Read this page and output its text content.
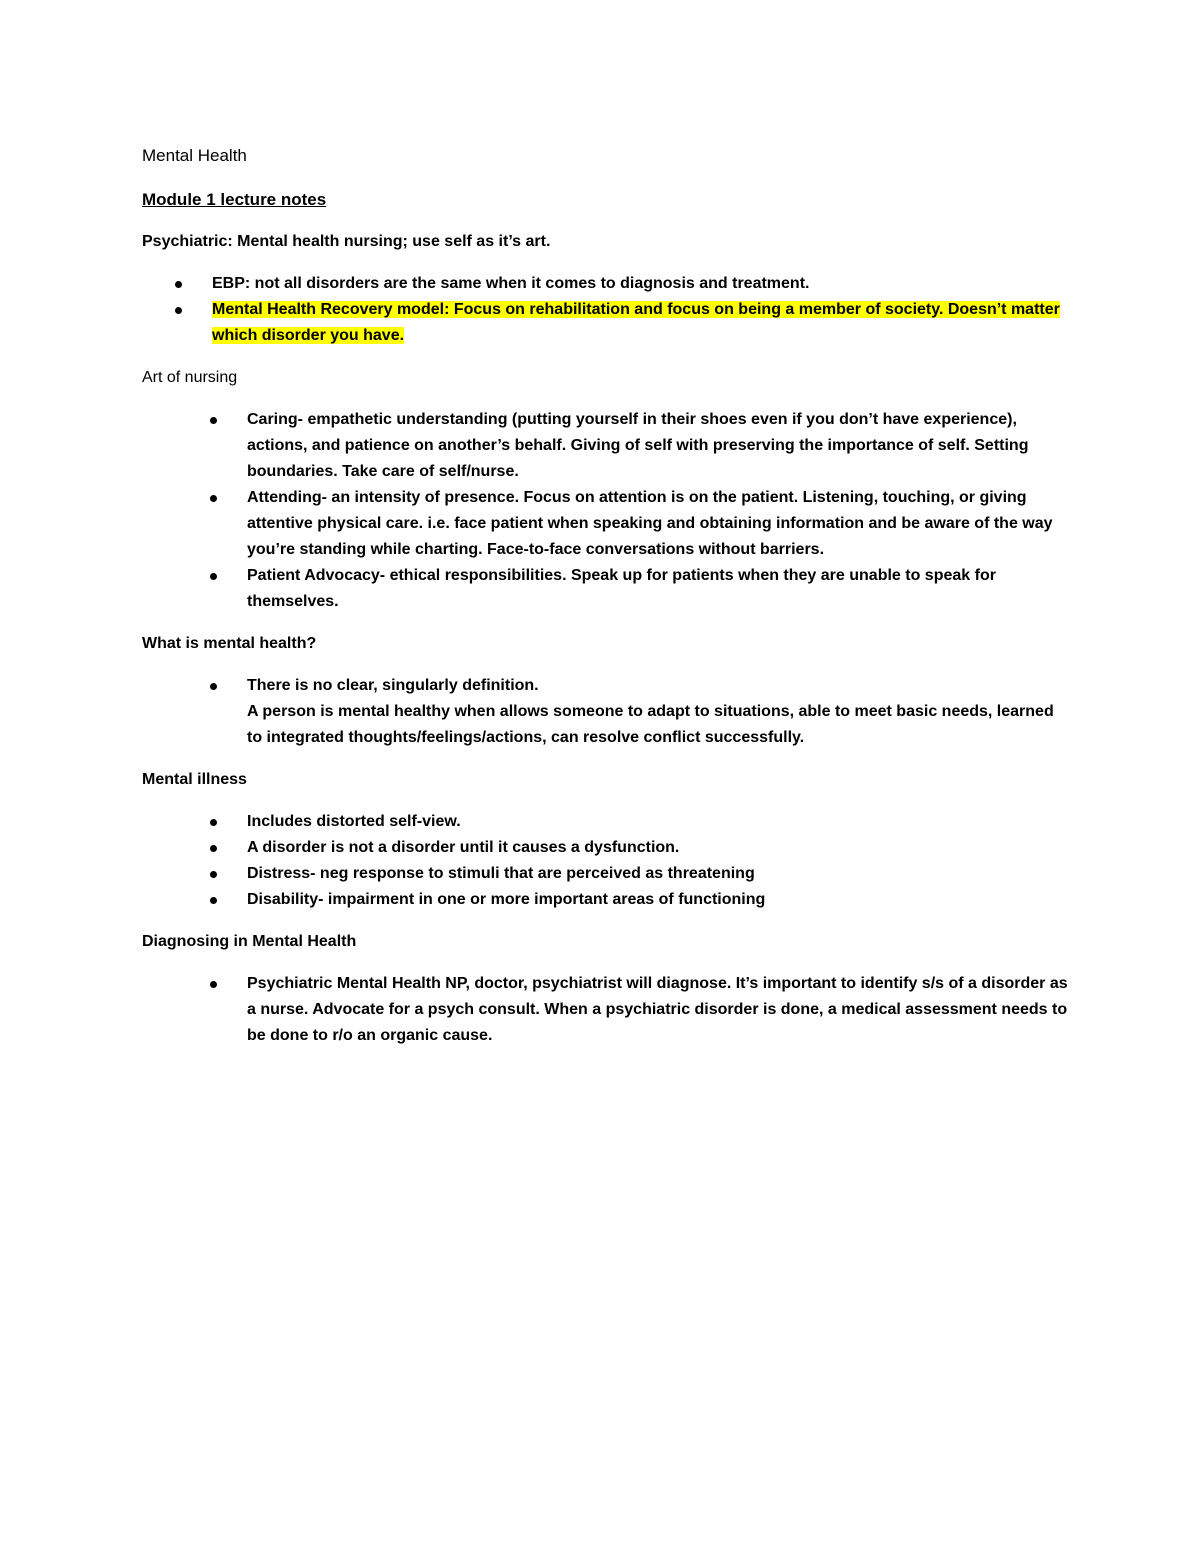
Mental Health
Module 1 lecture notes
Psychiatric: Mental health nursing; use self as it’s art.
EBP: not all disorders are the same when it comes to diagnosis and treatment.
Mental Health Recovery model: Focus on rehabilitation and focus on being a member of society. Doesn’t matter which disorder you have.
Art of nursing
Caring- empathetic understanding (putting yourself in their shoes even if you don’t have experience), actions, and patience on another’s behalf. Giving of self with preserving the importance of self. Setting boundaries. Take care of self/nurse.
Attending- an intensity of presence. Focus on attention is on the patient. Listening, touching, or giving attentive physical care. i.e. face patient when speaking and obtaining information and be aware of the way you’re standing while charting. Face-to-face conversations without barriers.
Patient Advocacy- ethical responsibilities. Speak up for patients when they are unable to speak for themselves.
What is mental health?
There is no clear, singularly definition.
A person is mental healthy when allows someone to adapt to situations, able to meet basic needs, learned to integrated thoughts/feelings/actions, can resolve conflict successfully.
Mental illness
Includes distorted self-view.
A disorder is not a disorder until it causes a dysfunction.
Distress- neg response to stimuli that are perceived as threatening
Disability- impairment in one or more important areas of functioning
Diagnosing in Mental Health
Psychiatric Mental Health NP, doctor, psychiatrist will diagnose. It’s important to identify s/s of a disorder as a nurse. Advocate for a psych consult. When a psychiatric disorder is done, a medical assessment needs to be done to r/o an organic cause.
